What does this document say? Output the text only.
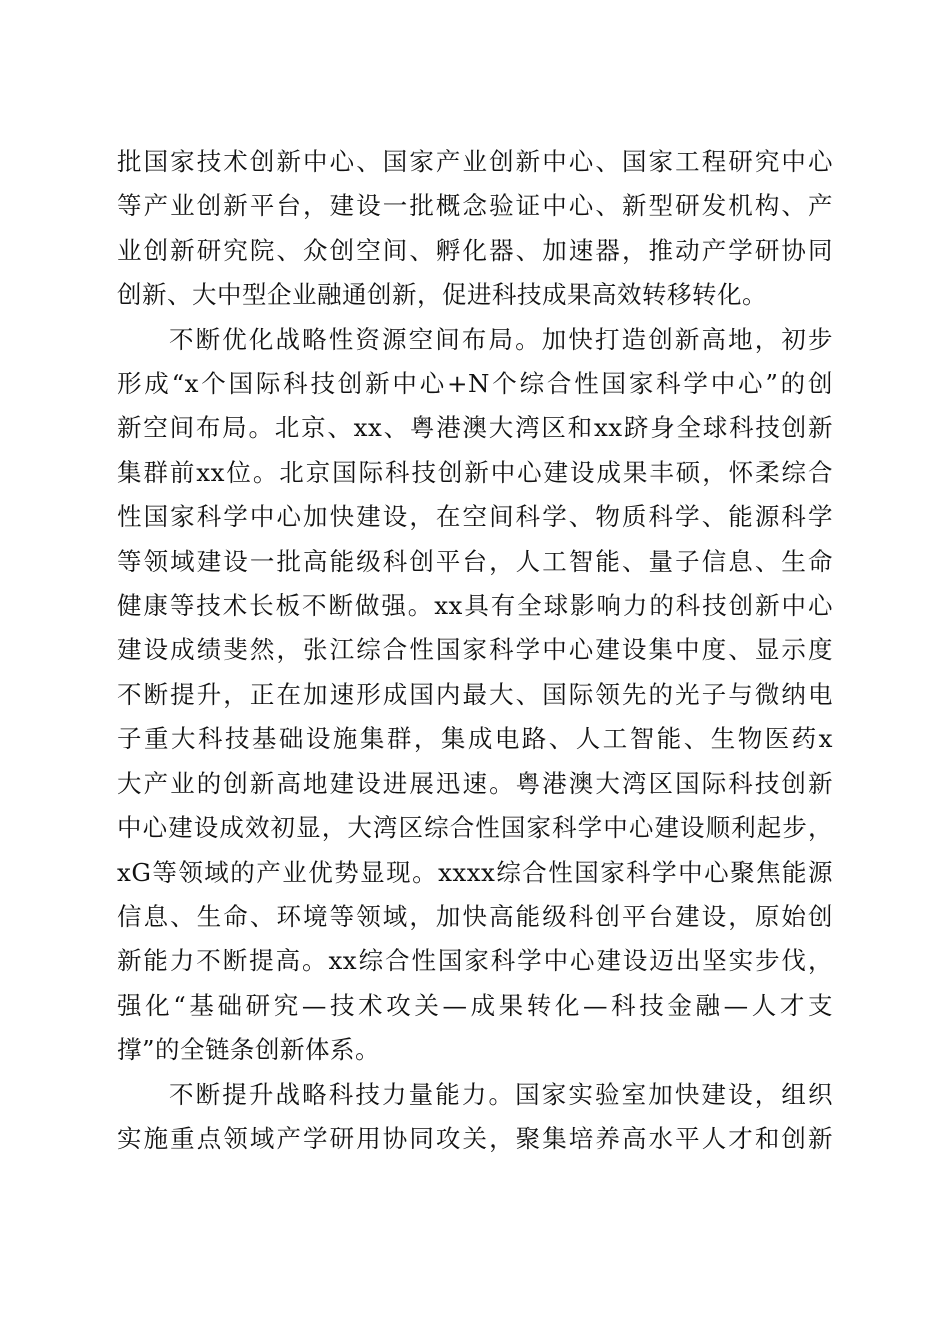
批国家技术创新中心、国家产业创新中心、国家工程研究中心
等产业创新平台，建设一批概念验证中心、新型研发机构、产
业创新研究院、众创空间、孵化器、加速器，推动产学研协同
创新、大中型企业融通创新，促进科技成果高效转移转化。
不断优化战略性资源空间布局。加快打造创新高地，初步
形成“x个国际科技创新中心+N个综合性国家科学中心”的创
新空间布局。北京、xx、粤港澳大湾区和xx跻身全球科技创新
集群前xx位。北京国际科技创新中心建设成果丰硕，怀柔综合
性国家科学中心加快建设，在空间科学、物质科学、能源科学
等领域建设一批高能级科创平台，人工智能、量子信息、生命
健康等技术长板不断做强。xx具有全球影响力的科技创新中心
建设成绩斐然，张江综合性国家科学中心建设集中度、显示度
不断提升，正在加速形成国内最大、国际领先的光子与微纳电
子重大科技基础设施集群，集成电路、人工智能、生物医药x
大产业的创新高地建设进展迅速。粤港澳大湾区国际科技创新
中心建设成效初显，大湾区综合性国家科学中心建设顺利起步，
xG等领域的产业优势显现。xxxx综合性国家科学中心聚焦能源
信息、生命、环境等领域，加快高能级科创平台建设，原始创
新能力不断提高。xx综合性国家科学中心建设迈出坚实步伐，
强化“基础研究—技术攻关—成果转化—科技金融—人才支
撑”的全链条创新体系。
不断提升战略科技力量能力。国家实验室加快建设，组织
实施重点领域产学研用协同攻关，聚集培养高水平人才和创新
